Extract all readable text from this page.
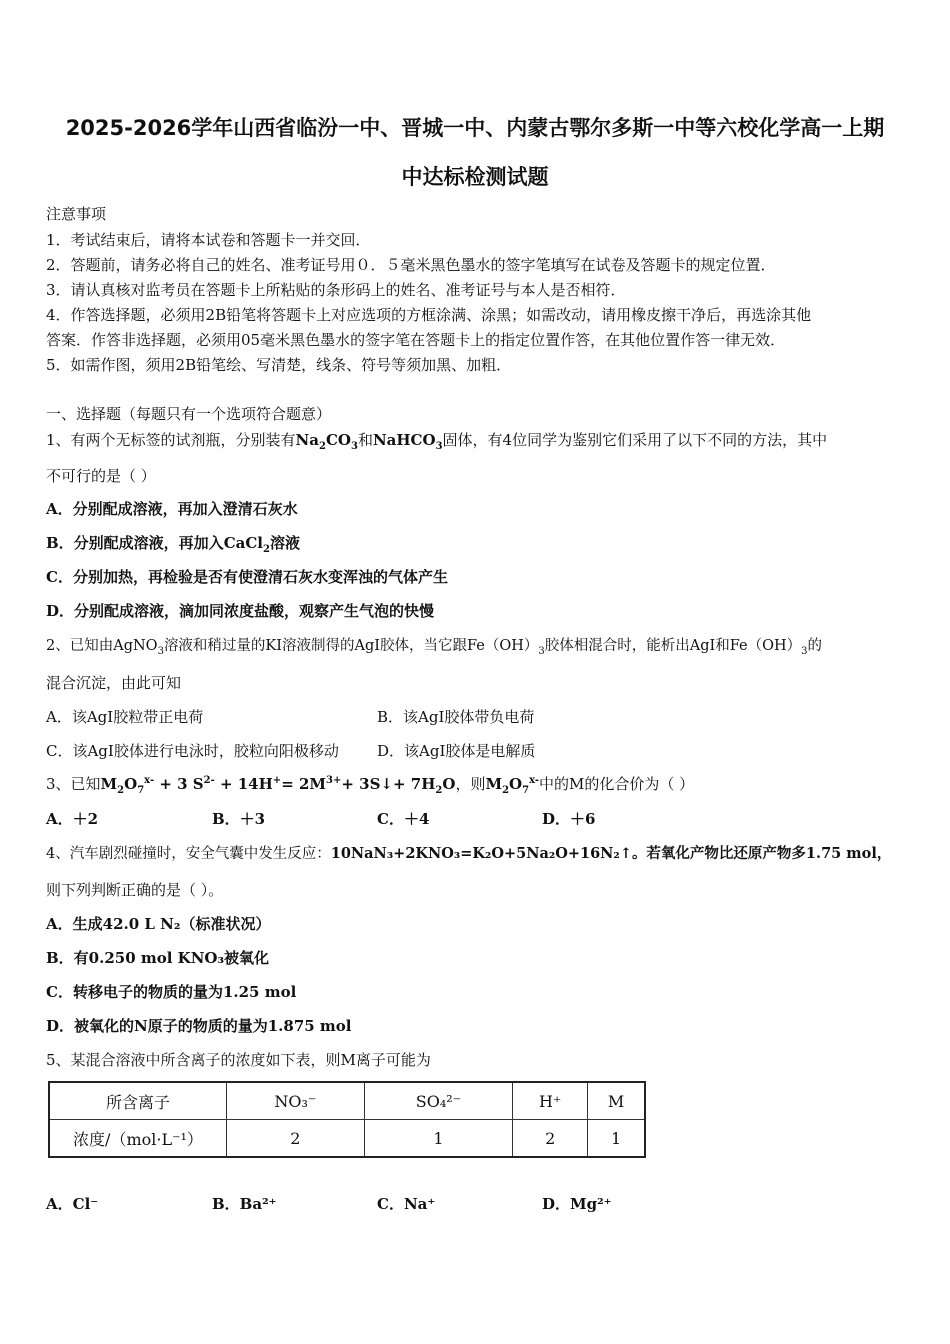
2025-2026学年山西省临汾一中、晋城一中、内蒙古鄂尔多斯一中等六校化学高一上期
中达标检测试题
注意事项
1．考试结束后，请将本试卷和答题卡一并交回．
2．答题前，请务必将自己的姓名、准考证号用０．５毫米黑色墨水的签字笔填写在试卷及答题卡的规定位置．
3．请认真核对监考员在答题卡上所粘贴的条形码上的姓名、准考证号与本人是否相符．
4．作答选择题，必须用2B铅笔将答题卡上对应选项的方框涂满、涂黑；如需改动，请用橡皮擦干净后，再选涂其他
答案．作答非选择题，必须用05毫米黑色墨水的签字笔在答题卡上的指定位置作答，在其他位置作答一律无效．
5．如需作图，须用2B铅笔绘、写清楚，线条、符号等须加黑、加粗．
一、选择题（每题只有一个选项符合题意）
1、有两个无标签的试剂瓶，分别装有$Na_2CO_3$和NaHCO$_3$固体，有4位同学为鉴别它们采用了以下不同的方法，其中
不可行的是（ ）
A．分别配成溶液，再加入澄清石灰水
B．分别配成溶液，再加入CaCl$_2$溶液
C．分别加热，再检验是否有使澄清石灰水变浑浊的气体产生
D．分别配成溶液，滴加同浓度盐酸，观察产生气泡的快慢
2、已知由AgNO$_3$溶液和稍过量的KI溶液制得的AgI胶体，当它跟$Fe(OH)_3$胶体相混合时，能析出AgI和$Fe(OH)_3$的
混合沉淀，由此可知
A．该AgI胶粒带正电荷	B．该AgI胶体带负电荷
C．该AgI胶体进行电泳时，胶粒向阳极移动	D．该AgI胶体是电解质
3、已知$M_2O_7^{x-} + 3$ $S^{2-} + 14H^+= 2M^{3+}+$ 3S↓+ $7H_2O$，则$M_2O_7^{x-}$中的M的化合价为（ ）
A．＋2	B．＋3	C．＋4	D．＋6
4、汽车剧烈碰撞时，安全气囊中发生反应：10NaN₃+2KNO₃=K₂O+5Na₂O+16N₂↑。若氧化产物比还原产物多1.75 mol，
则下列判断正确的是（ ）。
A．生成42.0 L N₂（标准状况）
B．有0.250 mol KNO₃被氧化
C．转移电子的物质的量为1.25 mol
D．被氧化的N原子的物质的量为1.875 mol
5、某混合溶液中所含离子的浓度如下表，则M离子可能为
所含离子	NO₃⁻	SO₄²⁻	H⁺	M
浓度/（mol·L⁻¹）	2	1	2	1
A．Cl⁻	B．Ba²⁺	C．Na⁺	D．Mg²⁺
